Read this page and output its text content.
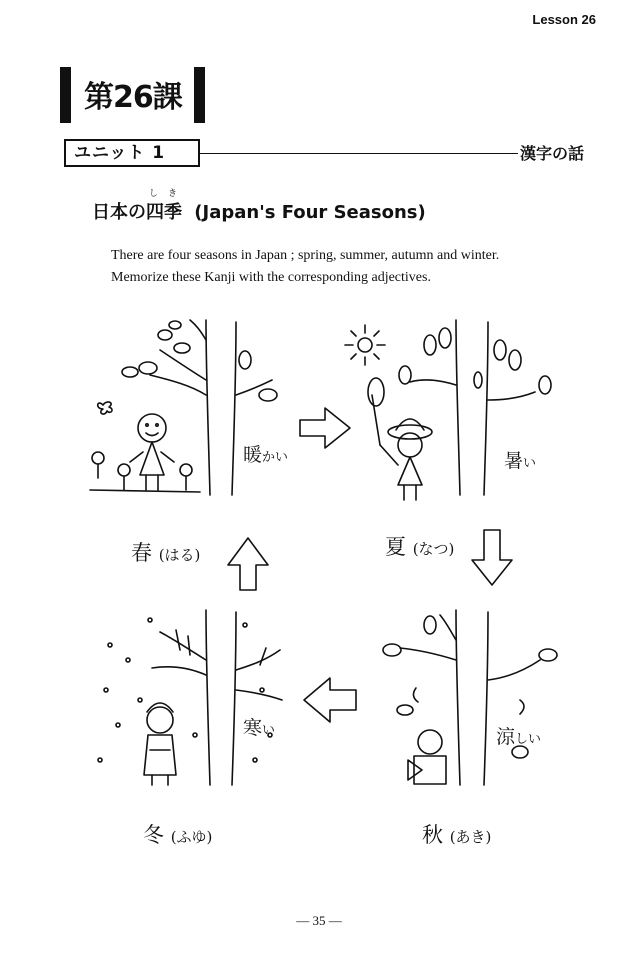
Lesson 26
第26課
ユニット 1	漢字の話
日本の
し
四
き
季 (Japan's Four Seasons)
There are four seasons in Japan ; spring, summer, autumn and winter.
Memorize these Kanji with the corresponding adjectives.
暖かい	暑い
寒い	涼しい
春 (はる)	夏 (なつ)
冬 (ふゆ)	秋 (あき)
— 35 —
